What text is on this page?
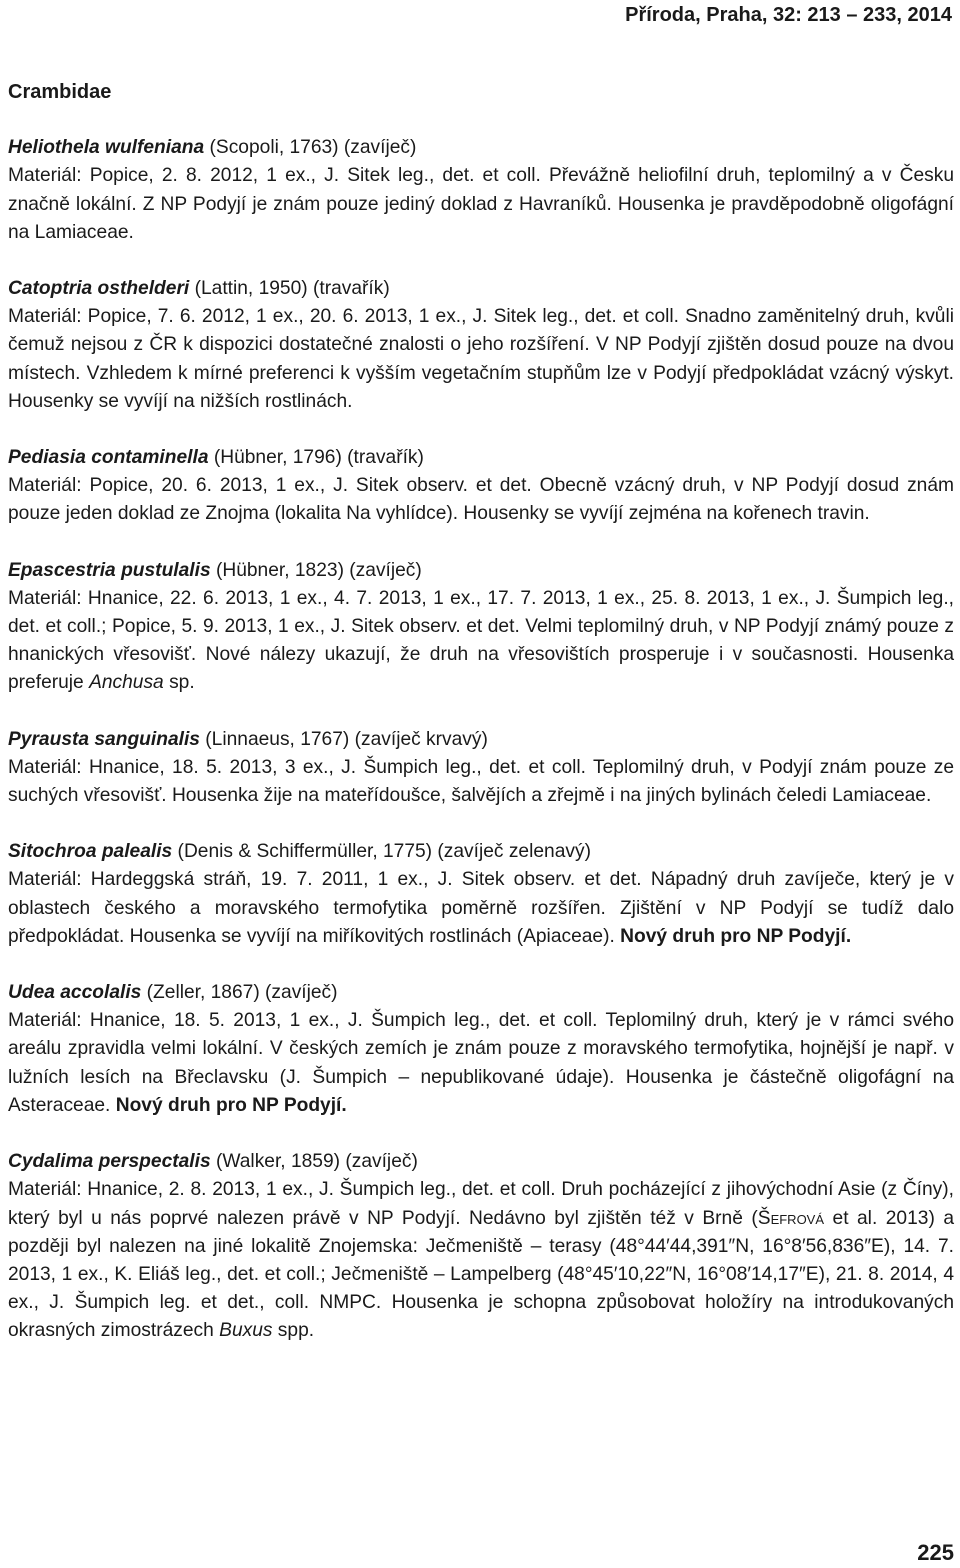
Příroda, Praha, 32: 213 – 233, 2014
Crambidae

Heliothela wulfeniana (Scopoli, 1763) (zavíječ)

Materiál: Popice, 2. 8. 2012, 1 ex., J. Sitek leg., det. et coll. Převážně heliofilní druh, teplomilný a v Česku značně lokální. Z NP Podyjí je znám pouze jediný doklad z Havraníků. Housenka je pravděpodobně oligofágní na Lamiaceae.

Catoptria osthelderi (Lattin, 1950) (travařík)

Materiál: Popice, 7. 6. 2012, 1 ex., 20. 6. 2013, 1 ex., J. Sitek leg., det. et coll. Snadno zaměnitelný druh, kvůli čemuž nejsou z ČR k dispozici dostatečné znalosti o jeho rozšíření. V NP Podyjí zjištěn dosud pouze na dvou místech. Vzhledem k mírné preferenci k vyšším vegetačním stupňům lze v Podyjí předpokládat vzácný výskyt. Housenky se vyvíjí na nižších rostlinách.

Pediasia contaminella (Hübner, 1796) (travařík)

Materiál: Popice, 20. 6. 2013, 1 ex., J. Sitek observ. et det. Obecně vzácný druh, v NP Podyjí dosud znám pouze jeden doklad ze Znojma (lokalita Na vyhlídce). Housenky se vyvíjí zejména na kořenech travin.

Epascestria pustulalis (Hübner, 1823) (zavíječ)

Materiál: Hnanice, 22. 6. 2013, 1 ex., 4. 7. 2013, 1 ex., 17. 7. 2013, 1 ex., 25. 8. 2013, 1 ex., J. Šumpich leg., det. et coll.; Popice, 5. 9. 2013, 1 ex., J. Sitek observ. et det. Velmi teplomilný druh, v NP Podyjí známý pouze z hnanických vřesovišť. Nové nálezy ukazují, že druh na vřesovištích prosperuje i v současnosti. Housenka preferuje Anchusa sp.

Pyrausta sanguinalis (Linnaeus, 1767) (zavíječ krvavý)

Materiál: Hnanice, 18. 5. 2013, 3 ex., J. Šumpich leg., det. et coll. Teplomilný druh, v Podyjí znám pouze ze suchých vřesovišť. Housenka žije na mateřídoušce, šalvějích a zřejmě i na jiných bylinách čeledi Lamiaceae.

Sitochroa palealis (Denis & Schiffermüller, 1775) (zavíječ zelenavý)

Materiál: Hardeggská stráň, 19. 7. 2011, 1 ex., J. Sitek observ. et det. Nápadný druh zavíječe, který je v oblastech českého a moravského termofytika poměrně rozšířen. Zjištění v NP Podyjí se tudíž dalo předpokládat. Housenka se vyvíjí na miříkovitých rostlinách (Apiaceae). Nový druh pro NP Podyjí.

Udea accolalis (Zeller, 1867) (zavíječ)

Materiál: Hnanice, 18. 5. 2013, 1 ex., J. Šumpich leg., det. et coll. Teplomilný druh, který je v rámci svého areálu zpravidla velmi lokální. V českých zemích je znám pouze z moravského termofytika, hojnější je např. v lužních lesích na Břeclavsku (J. Šumpich – nepublikované údaje). Housenka je částečně oligofágní na Asteraceae. Nový druh pro NP Podyjí.

Cydalima perspectalis (Walker, 1859) (zavíječ)

Materiál: Hnanice, 2. 8. 2013, 1 ex., J. Šumpich leg., det. et coll. Druh pocházející z jihovýchodní Asie (z Číny), který byl u nás poprvé nalezen právě v NP Podyjí. Nedávno byl zjištěn též v Brně (Šefrová et al. 2013) a později byl nalezen na jiné lokalitě Znojemska: Ječmeniště – terasy (48°44′44,391″N, 16°8′56,836″E), 14. 7. 2013, 1 ex., K. Eliáš leg., det. et coll.; Ječmeniště – Lampelberg (48°45′10,22″N, 16°08′14,17″E), 21. 8. 2014, 4 ex., J. Šumpich leg. et det., coll. NMPC. Housenka je schopna způsobovat holožíry na introdukovaných okrasných zimostrázech Buxus spp.

225
